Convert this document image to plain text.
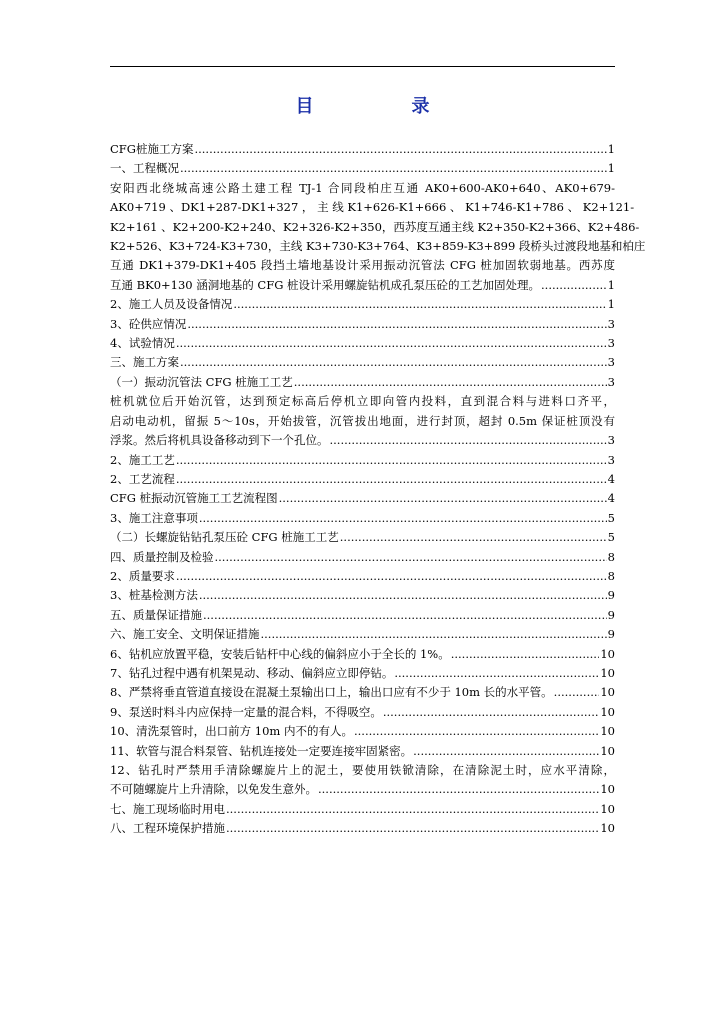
目　录
CFG桩施工方案 .....	1
一、工程概况 .....	1
安阳西北绕城高速公路土建工程 TJ-1 合同段柏庄互通 AK0+600-AK0+640、AK0+679-
AK0+719 、DK1+287-DK1+327 ， 主 线 K1+626-K1+666 、 K1+746-K1+786 、 K2+121-
K2+161 、K2+200-K2+240、K2+326-K2+350，西苏度互通主线 K2+350-K2+366、K2+486-
K2+526、K3+724-K3+730，主线 K3+730-K3+764、K3+859-K3+899 段桥头过渡段地基和柏庄
互通 DK1+379-DK1+405 段挡土墙地基设计采用振动沉管法 CFG 桩加固软弱地基。西苏度
互通 BK0+130 涵洞地基的 CFG 桩设计采用螺旋钻机成孔泵压砼的工艺加固处理。 .....	1
2、施工人员及设备情况 .....	1
3、砼供应情况 .....	3
4、试验情况 .....	3
三、施工方案 .....	3
（一）振动沉管法 CFG 桩施工工艺 .....	3
桩机就位后开始沉管，达到预定标高后停机立即向管内投料，直到混合料与进料口齐平，
启动电动机，留振 5～10s，开始拔管，沉管拔出地面，进行封顶，超封 0.5m 保证桩顶没有
浮浆。然后将机具设备移动到下一个孔位。 .....	3
2、施工工艺 .....	3
2、工艺流程 .....	4
CFG 桩振动沉管施工工艺流程图 .....	4
3、施工注意事项 .....	5
（二）长螺旋钻钻孔泵压砼 CFG 桩施工工艺 .....	5
四、质量控制及检验 .....	8
2、质量要求 .....	8
3、桩基检测方法 .....	9
五、质量保证措施 .....	9
六、施工安全、文明保证措施 .....	9
6、钻机应放置平稳，安装后钻杆中心线的偏斜应小于全长的 1%。 .....	10
7、钻孔过程中遇有机架晃动、移动、偏斜应立即停钻。 .....	10
8、严禁将垂直管道直接设在混凝土泵输出口上，输出口应有不少于 10m 长的水平管。 .....	10
9、泵送时料斗内应保持一定量的混合料，不得吸空。 .....	10
10、清洗泵管时，出口前方 10m 内不的有人。 .....	10
11、软管与混合料泵管、钻机连接处一定要连接牢固紧密。 .....	10
12、钻孔时严禁用手清除螺旋片上的泥土，要使用铁锨清除，在清除泥土时，应水平清除，
不可随螺旋片上升清除，以免发生意外。 .....	10
七、施工现场临时用电 .....	10
八、工程环境保护措施 .....	10
